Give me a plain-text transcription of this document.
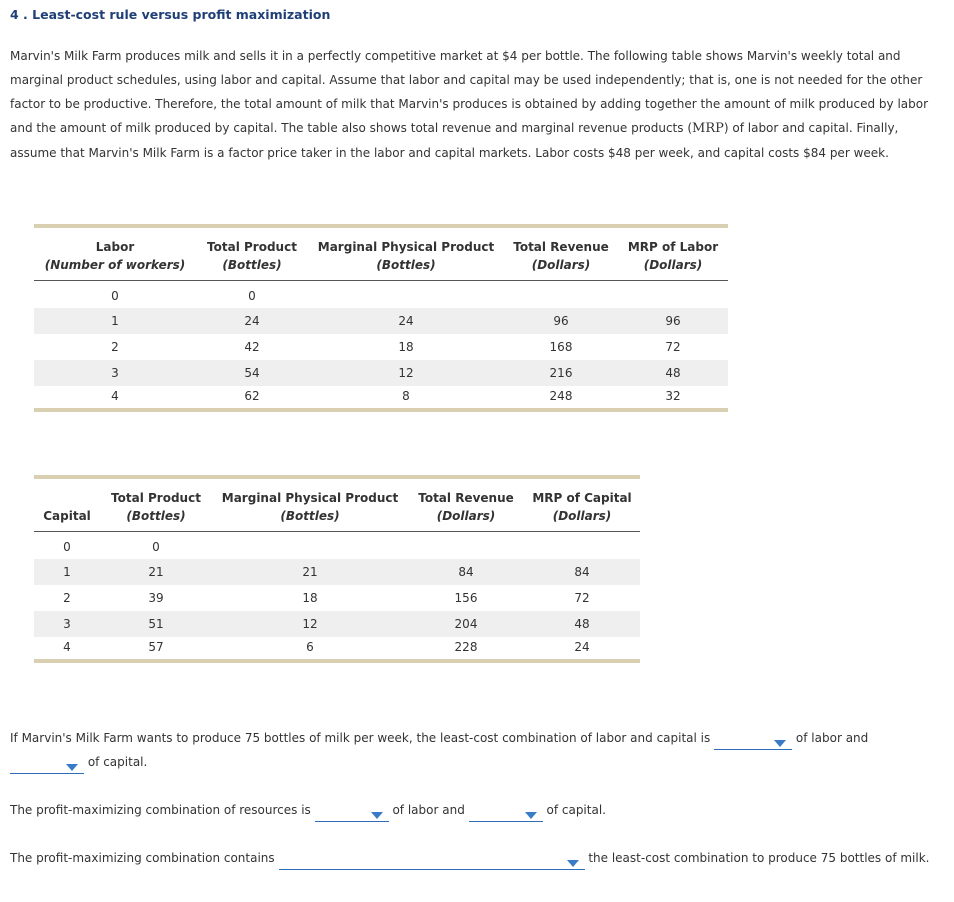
4 . Least-cost rule versus profit maximization
Marvin's Milk Farm produces milk and sells it in a perfectly competitive market at $4 per bottle. The following table shows Marvin's weekly total and marginal product schedules, using labor and capital. Assume that labor and capital may be used independently; that is, one is not needed for the other factor to be productive. Therefore, the total amount of milk that Marvin's produces is obtained by adding together the amount of milk produced by labor and the amount of milk produced by capital. The table also shows total revenue and marginal revenue products (MRP) of labor and capital. Finally, assume that Marvin's Milk Farm is a factor price taker in the labor and capital markets. Labor costs $48 per week, and capital costs $84 per week.
Labor	Total Product	Marginal Physical Product	Total Revenue	MRP of Labor
(Number of workers)	(Bottles)	(Bottles)	(Dollars)	(Dollars)
0	0			
1	24	24	96	96
2	42	18	168	72
3	54	12	216	48
4	62	8	248	32
	Total Product	Marginal Physical Product	Total Revenue	MRP of Capital
Capital	(Bottles)	(Bottles)	(Dollars)	(Dollars)
0	0			
1	21	21	84	84
2	39	18	156	72
3	51	12	204	48
4	57	6	228	24
If Marvin's Milk Farm wants to produce 75 bottles of milk per week, the least-cost combination of labor and capital is	of labor and

of capital.
The profit-maximizing combination of resources is	of labor and	of capital.
The profit-maximizing combination contains	the least-cost combination to produce 75 bottles of milk.
